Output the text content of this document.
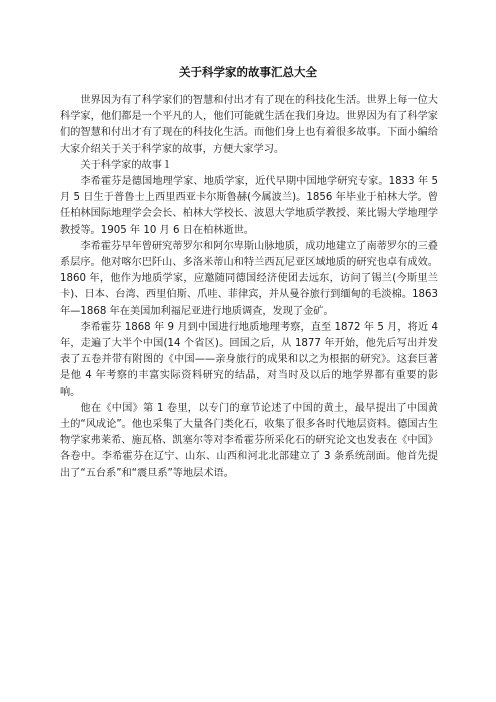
关于科学家的故事汇总大全

世界因为有了科学家们的智慧和付出才有了现在的科技化生活。世界上每一位大科学家，他们都是一个平凡的人，他们可能就生活在我们身边。世界因为有了科学家们的智慧和付出才有了现在的科技化生活。而他们身上也有着很多故事。下面小编给大家介绍关于关于科学家的故事，方便大家学习。

关于科学家的故事１

李希霍芬是德国地理学家、地质学家，近代早期中国地学研究专家。1833 年 5 月 5 日生于普鲁士上西里西亚卡尔斯鲁赫(今属波兰)。1856 年毕业于柏林大学。曾任柏林国际地理学会会长、柏林大学校长、波恩大学地质学教授、莱比锡大学地理学教授等。1905 年 10 月 6 日在柏林逝世。

李希霍芬早年曾研究蒂罗尔和阿尔卑斯山脉地质，成功地建立了南蒂罗尔的三叠系层序。他对喀尔巴阡山、多洛米蒂山和特兰西瓦尼亚区域地质的研究也卓有成效。1860 年，他作为地质学家，应邀随同德国经济使团去远东，访问了锡兰(今斯里兰卡)、日本、台湾、西里伯斯、爪哇、菲律宾，并从曼谷旅行到缅甸的毛淡棉。1863 年—1868 年在美国加利福尼亚进行地质调查，发现了金矿。

李希霍芬 1868 年 9 月到中国进行地质地理考察，直至 1872 年 5 月，将近 4 年，走遍了大半个中国(14 个省区)。回国之后，从 1877 年开始，他先后写出并发表了五卷并带有附图的《中国——亲身旅行的成果和以之为根据的研究》。这套巨著是他 4 年考察的丰富实际资料研究的结晶，对当时及以后的地学界都有重要的影响。

他在《中国》第 1 卷里，以专门的章节论述了中国的黄土，最早提出了中国黄土的“风成论”。他也采集了大量各门类化石，收集了很多各时代地层资料。德国古生物学家弗莱希、施瓦格、凯塞尔等对李希霍芬所采化石的研究论文也发表在《中国》各卷中。李希霍芬在辽宁、山东、山西和河北北部建立了 3 条系统剖面。他首先提出了“五台系”和“震旦系”等地层术语。
